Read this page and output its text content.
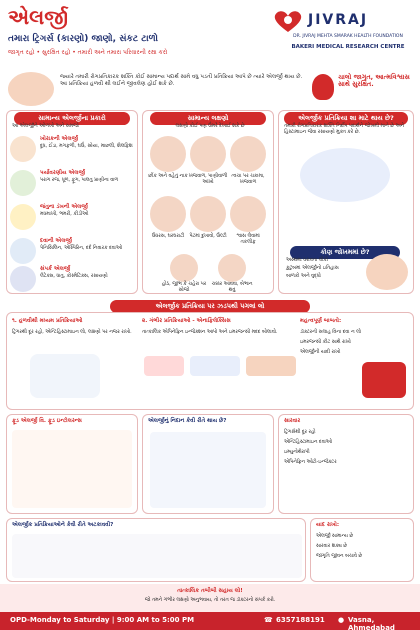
એલર્જી
તમારા ટ્રિગર્સ (કારણો) જાણો, સંકટ ટાળો
જાગૃત રહો • સુરક્ષિત રહો • તમારી અને તમારા પરિવારની રક્ષા કરો
JIVRAJ
DR. JIVRAJ MEHTA SMARAK HEALTH FOUNDATION
BAKERI MEDICAL RESEARCH CENTRE
જ્યારે તમારી રોગપ્રતિકારક શક્તિ કોઈ સામાન્ય પદાર્થ સામે વધુ પડતી પ્રતિક્રિયા આપે છે ત્યારે એલર્જી થાય છે. આ પ્રતિક્રિયા હળવી થી લઈને જીવલેણ હોઈ શકે છે.
ચાલો જાગૃત, આત્મવિશ્વાસ સાથે સુરક્ષિત.
સામાન્ય એલર્જીના પ્રકારો
આ એલર્જીને ઓળખો અને સમજો
ખોરાકની એલર્જી
દૂધ, ઈંડા, મગફળી, ઘઉં, સોયા, માછલી, શેલફિશ
પર્યાવરણીય એલર્જી
પરાગ રજ, ધૂળ, ફૂગ, પાલતુ પ્રાણીના વાળ
જંતુના ડંખની એલર્જી
મધમાખી, ભમરી, કીડીઓ
દવાની એલર્જી
પેનિસિલિન, એસ્પિરિન, દર્દ નિવારક દવાઓ
સંપર્ક એલર્જી
લેટેક્સ, ધાતુ, કોસ્મેટિક્સ, રસાયણો
સામાન્ય લક્ષણો
લક્ષણો કોઈ પણ ઉંમરે દેખાઈ શકે છે
છીંક અને વહેતું નાક ખંજવાળ, પાણીવાળી આંખો
ત્વચા પર ચકામા, ખંજવાળ
ઉધરસ, ઘરઘરાટી	પેટમાં દુખાવો, ઉલ્ટી	શ્વાસ લેવામાં તકલીફ
હોઠ, જીભ કે ચહેરા પર સોજો
ચક્કર આવવા, બેભાન થવું
એલર્જીક પ્રતિક્રિયા શા માટે થાય છે?
તમારી રોગપ્રતિકારક શક્તિ નિર્દોષ પદાર્થને જોખમી માને છે અને હિસ્ટામાઇન જેવા રસાયણો મુક્ત કરે છે.
કોણ જોખમમાં છે?
અસ્થમા ધરાવતા લોકો
કુટુંબમાં એલર્જીનો ઇતિહાસ
બાળકો અને વૃદ્ધો
એલર્જીક પ્રતિક્રિયા પર ઝડપથી પગલાં લો
૧. હળવીથી મધ્યમ પ્રતિક્રિયાઓ
ટ્રિગરથી દૂર રહો, એન્ટિહિસ્ટામાઇન લો, લક્ષણો પર નજર રાખો.
૨. ગંભીર પ્રતિક્રિયાઓ - એનાફિલેક્સિસ
તાત્કાલિક એપિનેફ્રિન ઇન્જેક્શન આપો અને ઇમરજન્સી મદદ બોલાવો.
મહત્વપૂર્ણ બાબતો:
ડૉક્ટરની સલાહ વિના દવા ન લો
ઇમરજન્સી કીટ સાથે રાખો
એલર્જીની યાદી રાખો
ફૂડ એલર્જી વિ. ફૂડ ઇન્ટોલરન્સ	એલર્જીનું નિદાન કેવી રીતે થાય છે?	સારવાર
ટ્રિગર્સથી દૂર રહો
એન્ટિહિસ્ટામાઇન દવાઓ
ઇમ્યુનોથેરાપી
એપિનેફ્રિન ઓટો-ઇન્જેક્ટર
એલર્જીક પ્રતિક્રિયાઓને કેવી રીતે અટકાવવી?	યાદ રાખો:
એલર્જી સામાન્ય છે
સારવાર શક્ય છે
જાગૃતિ જીવન બચાવે છે
તાત્કાલિક તબીબી સહાય લો!
જો તમને ગંભીર લક્ષણો અનુભવાય, તો તરત જ ડૉક્ટરનો સંપર્ક કરો.
OPD-Monday to Saturday | 9:00 AM to 5:00 PM	☎ 6357188191 ● Vasna, Ahmedabad
